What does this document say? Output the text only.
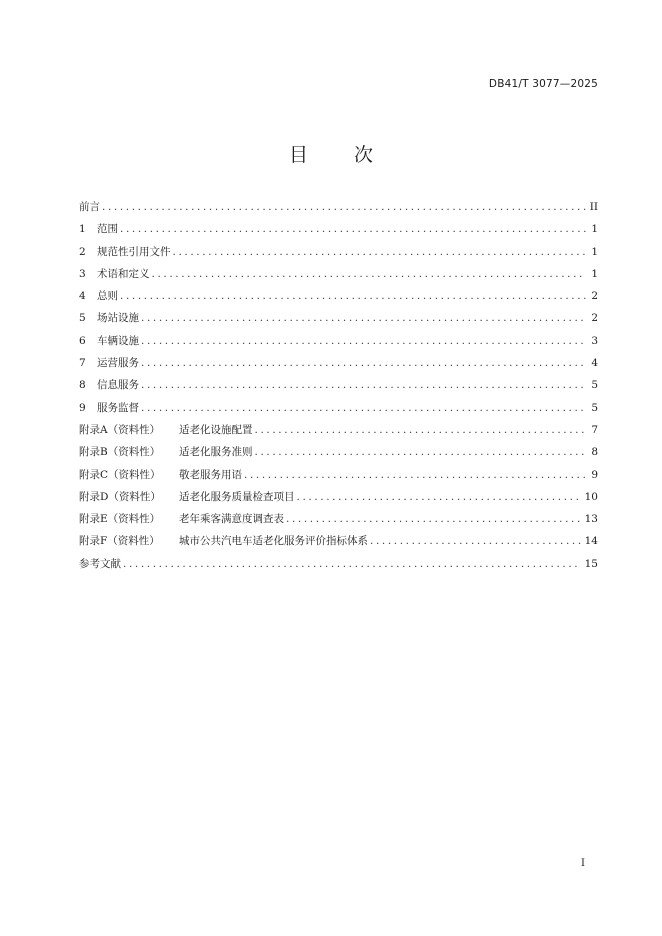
DB41/T 3077—2025
目 次
前言 .....	II
1	范围 .....	1
2	规范性引用文件 .....	1
3	术语和定义 .....	1
4	总则 .....	2
5	场站设施 .....	2
6	车辆设施 .....	3
7	运营服务 .....	4
8	信息服务 .....	5
9	服务监督 .....	5
附录A（资料性）	适老化设施配置 .....	7
附录B（资料性）	适老化服务准则 .....	8
附录C（资料性）	敬老服务用语 .....	9
附录D（资料性）	适老化服务质量检查项目 .....	10
附录E（资料性）	老年乘客满意度调查表 .....	13
附录F（资料性）	城市公共汽电车适老化服务评价指标体系 .....	14
参考文献 .....	15
I
